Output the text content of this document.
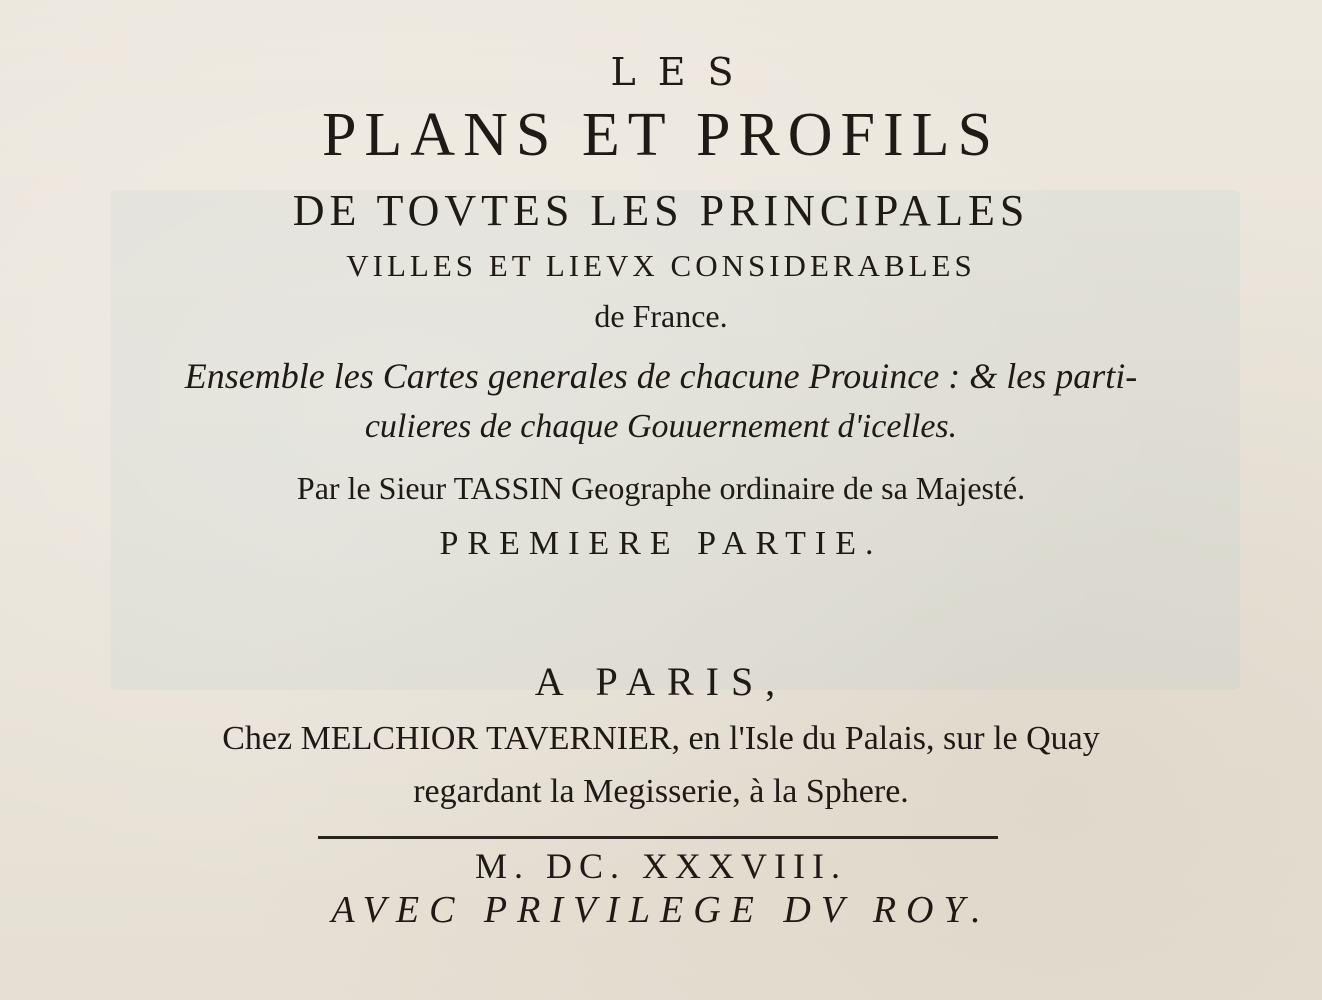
LES
PLANS ET PROFILS
DE TOVTES LES PRINCIPALES
VILLES ET LIEVX CONSIDERABLES
de France.
Ensemble les Cartes generales de chacune Prouince : & les parti-
culieres de chaque Gouuernement d'icelles.
Par le Sieur TASSIN Geographe ordinaire de sa Majesté.
PREMIERE PARTIE.
A PARIS,
Chez MELCHIOR TAVERNIER, en l'Isle du Palais, sur le Quay
regardant la Megisserie, à la Sphere.
M. DC. XXXVIII.
AVEC PRIVILEGE DV ROY.
